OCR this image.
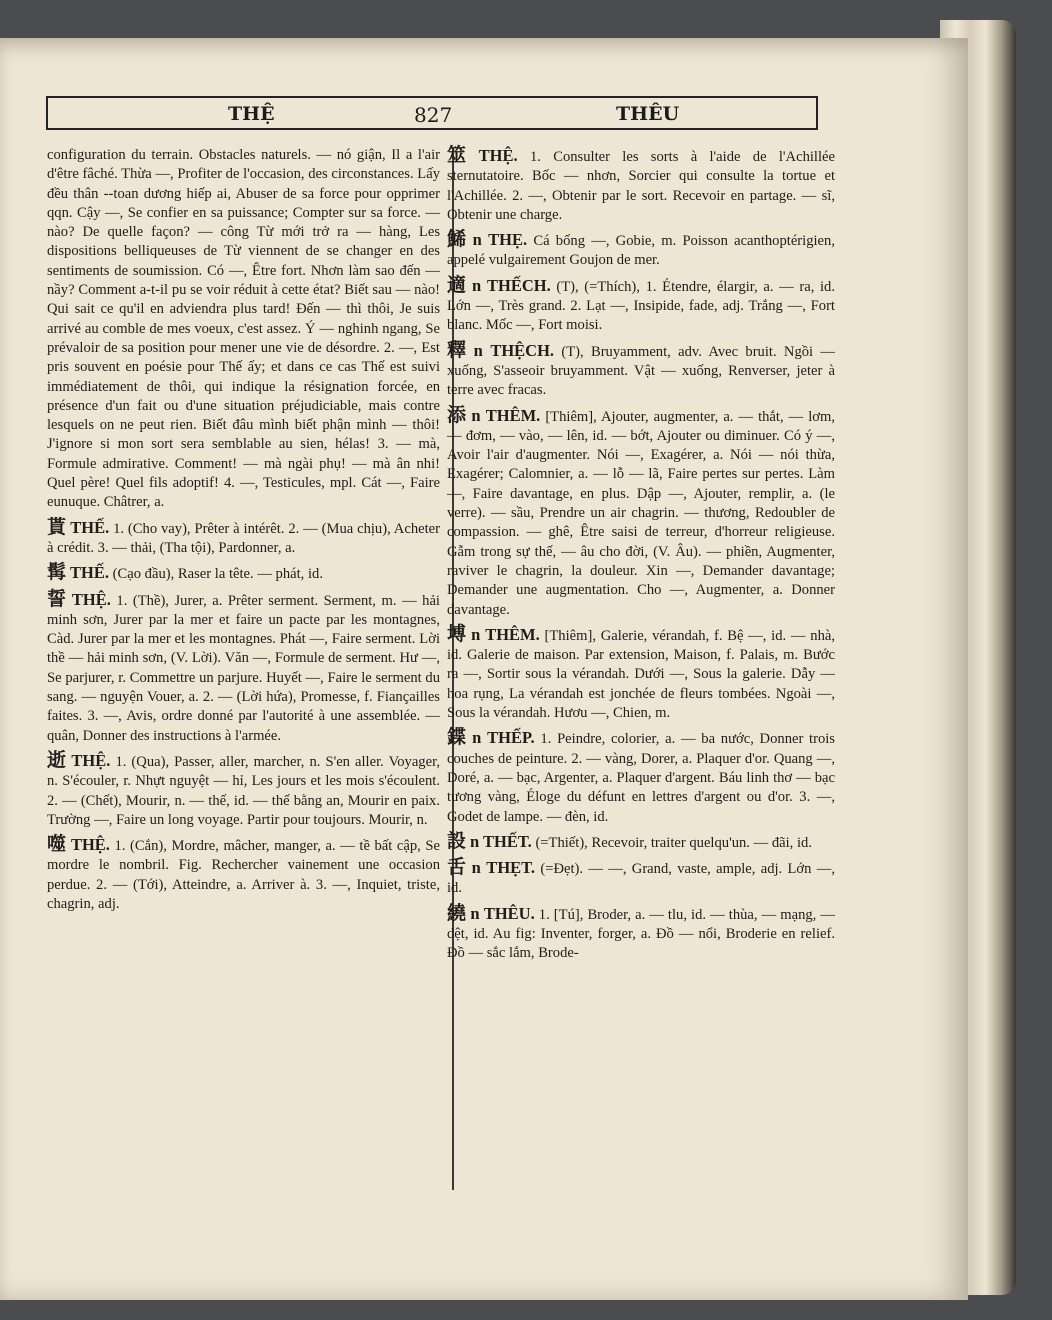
THỆ	827	THÊU

configuration du terrain. Obstacles naturels. — nó giận, Il a l'air d'être fâché. Thừa —, Profiter de l'occasion, des circonstances. Lấy đều thân --toan dương hiếp ai, Abuser de sa force pour opprimer qqn. Cậy —, Se confier en sa puissance; Compter sur sa force. — nào? De quelle façon? — công Từ mới trở ra — hàng, Les dispositions belliqueuses de Từ viennent de se changer en des sentiments de soumission. Có —, Être fort. Nhơn làm sao đến — nầy? Comment a-t-il pu se voir réduit à cette état? Biết sau — nào! Qui sait ce qu'il en adviendra plus tard! Đến — thì thôi, Je suis arrivé au comble de mes voeux, c'est assez. Ý — nghinh ngang, Se prévaloir de sa position pour mener une vie de désordre. 2. —, Est pris souvent en poésie pour Thế ấy; et dans ce cas Thế est suivi immédiatement de thôi, qui indique la résignation forcée, en présence d'un fait ou d'une situation préjudiciable, mais contre lesquels on ne peut rien. Biết đâu mình biết phận mình — thôi! J'ignore si mon sort sera semblable au sien, hélas! 3. — mà, Formule admirative. Comment! — mà ngài phụ! — mà ân nhi! Quel père! Quel fils adoptif! 4. —, Testicules, mpl. Cát —, Faire eunuque. Châtrer, a.

貰 THẾ. 1. (Cho vay), Prêter à intérêt. 2. — (Mua chịu), Acheter à crédit. 3. — thải, (Tha tội), Pardonner, a.

髯 THẾ. (Cạo đầu), Raser la tête. — phát, id.

誓 THỆ. 1. (Thề), Jurer, a. Prêter serment. Serment, m. — hải minh sơn, Jurer par la mer et faire un pacte par les montagnes, Càd. Jurer par la mer et les montagnes. Phát —, Faire serment. Lời thề — hải minh sơn, (V. Lời). Văn —, Formule de serment. Hư —, Se parjurer, r. Commettre un parjure. Huyết —, Faire le serment du sang. — nguyện Vouer, a. 2. — (Lời hứa), Promesse, f. Fiançailles faites. 3. —, Avis, ordre donné par l'autorité à une assemblée. — quân, Donner des instructions à l'armée.

逝 THỆ. 1. (Qua), Passer, aller, marcher, n. S'en aller. Voyager, n. S'écouler, r. Nhựt nguyệt — hỉ, Les jours et les mois s'écoulent. 2. — (Chết), Mourir, n. — thế, id. — thế bằng an, Mourir en paix. Trường —, Faire un long voyage. Partir pour toujours. Mourir, n.

噬 THỆ. 1. (Cắn), Mordre, mâcher, manger, a. — tề bất cập, Se mordre le nombril. Fig. Rechercher vainement une occasion perdue. 2. — (Tới), Atteindre, a. Arriver à. 3. —, Inquiet, triste, chagrin, adj.

筮 THỆ. 1. Consulter les sorts à l'aide de l'Achillée sternutatoire. Bốc — nhơn, Sorcier qui consulte la tortue et l'Achillée. 2. —, Obtenir par le sort. Recevoir en partage. — sĩ, Obtenir une charge.

鯑 n THẸ. Cá bống —, Gobie, m. Poisson acanthoptérigien, appelé vulgairement Goujon de mer.

適 n THẾCH. (T), (=Thích), 1. Étendre, élargir, a. — ra, id. Lớn —, Très grand. 2. Lạt —, Insipide, fade, adj. Trắng —, Fort blanc. Mốc —, Fort moisi.

釋 n THỆCH. (T), Bruyamment, adv. Avec bruit. Ngồi — xuống, S'asseoir bruyamment. Vật — xuống, Renverser, jeter à terre avec fracas.

添 n THÊM. [Thiêm], Ajouter, augmenter, a. — thắt, — lơm, — đơm, — vào, — lên, id. — bớt, Ajouter ou diminuer. Có ý —, Avoir l'air d'augmenter. Nói —, Exagérer, a. Nói — nói thừa, Exagérer; Calomnier, a. — lỗ — lã, Faire pertes sur pertes. Làm —, Faire davantage, en plus. Dập —, Ajouter, remplir, a. (le verre). — sầu, Prendre un air chagrin. — thương, Redoubler de compassion. — ghê, Être saisi de terreur, d'horreur religieuse. Gẫm trong sự thế, — âu cho đời, (V. Âu). — phiền, Augmenter, raviver le chagrin, la douleur. Xin —, Demander davantage; Demander une augmentation. Cho —, Augmenter, a. Donner davantage.

㙛 n THÊM. [Thiêm], Galerie, vérandah, f. Bệ —, id. — nhà, id. Galerie de maison. Par extension, Maison, f. Palais, m. Bước ra —, Sortir sous la vérandah. Dưới —, Sous la galerie. Dẫy — hoa rụng, La vérandah est jonchée de fleurs tombées. Ngoài —, Sous la vérandah. Hươu —, Chien, m.

鍱 n THẾP. 1. Peindre, colorier, a. — ba nước, Donner trois couches de peinture. 2. — vàng, Dorer, a. Plaquer d'or. Quang —, Doré, a. — bạc, Argenter, a. Plaquer d'argent. Báu linh thơ — bạc tương vàng, Éloge du défunt en lettres d'argent ou d'or. 3. —, Godet de lampe. — đèn, id.

設 n THẾT. (=Thiết), Recevoir, traiter quelqu'un. — đãi, id.

舌 n THẸT. (=Đẹt). — —, Grand, vaste, ample, adj. Lớn —, id.

繞 n THÊU. 1. [Tú], Broder, a. — tlu, id. — thùa, — mạng, — dệt, id. Au fig: Inventer, forger, a. Đồ — nổi, Broderie en relief. Đồ — sắc lắm, Brode-
